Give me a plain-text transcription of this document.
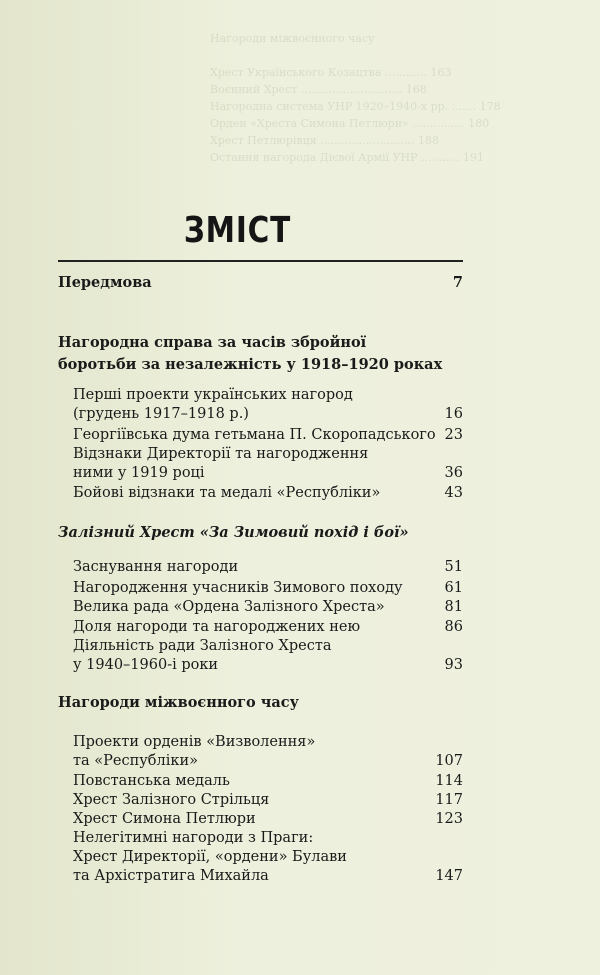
Нагороди міжвоєнного часу

Хрест Українського Козацтва ............ 163
Воєнний Хрест ............................. 168
Нагородна система УНР 1920–1940-х рр. ....... 178
Орден «Хреста Симона Петлюри» ............... 180
Хрест Петлюрівця ........................... 188
Остання нагорода Дієвої Армії УНР ........... 191
ЗМІСТ
Передмова	7
Нагородна справа за часів збройної
боротьби за незалежність у 1918–1920 роках
Перші проекти українських нагород
(грудень 1917–1918 р.)	16
Георгіївська дума гетьмана П. Скоропадського 23
Відзнаки Директорії та нагородження
ними у 1919 році	36
Бойові відзнаки та медалі «Республіки»	43
Залізний Хрест «За Зимовий похід і бої»
Заснування нагороди	51
Нагородження учасників Зимового походу	61
Велика рада «Ордена Залізного Хреста»	81
Доля нагороди та нагороджених нею	86
Діяльність ради Залізного Хреста
у 1940–1960-і роки	93
Нагороди міжвоєнного часу
Проекти орденів «Визволення»
та «Республіки»	107
Повстанська медаль	114
Хрест Залізного Стрільця	117
Хрест Симона Петлюри	123
Нелегітимні нагороди з Праги:
Хрест Директорії, «ордени» Булави
та Архістратига Михайла	147
